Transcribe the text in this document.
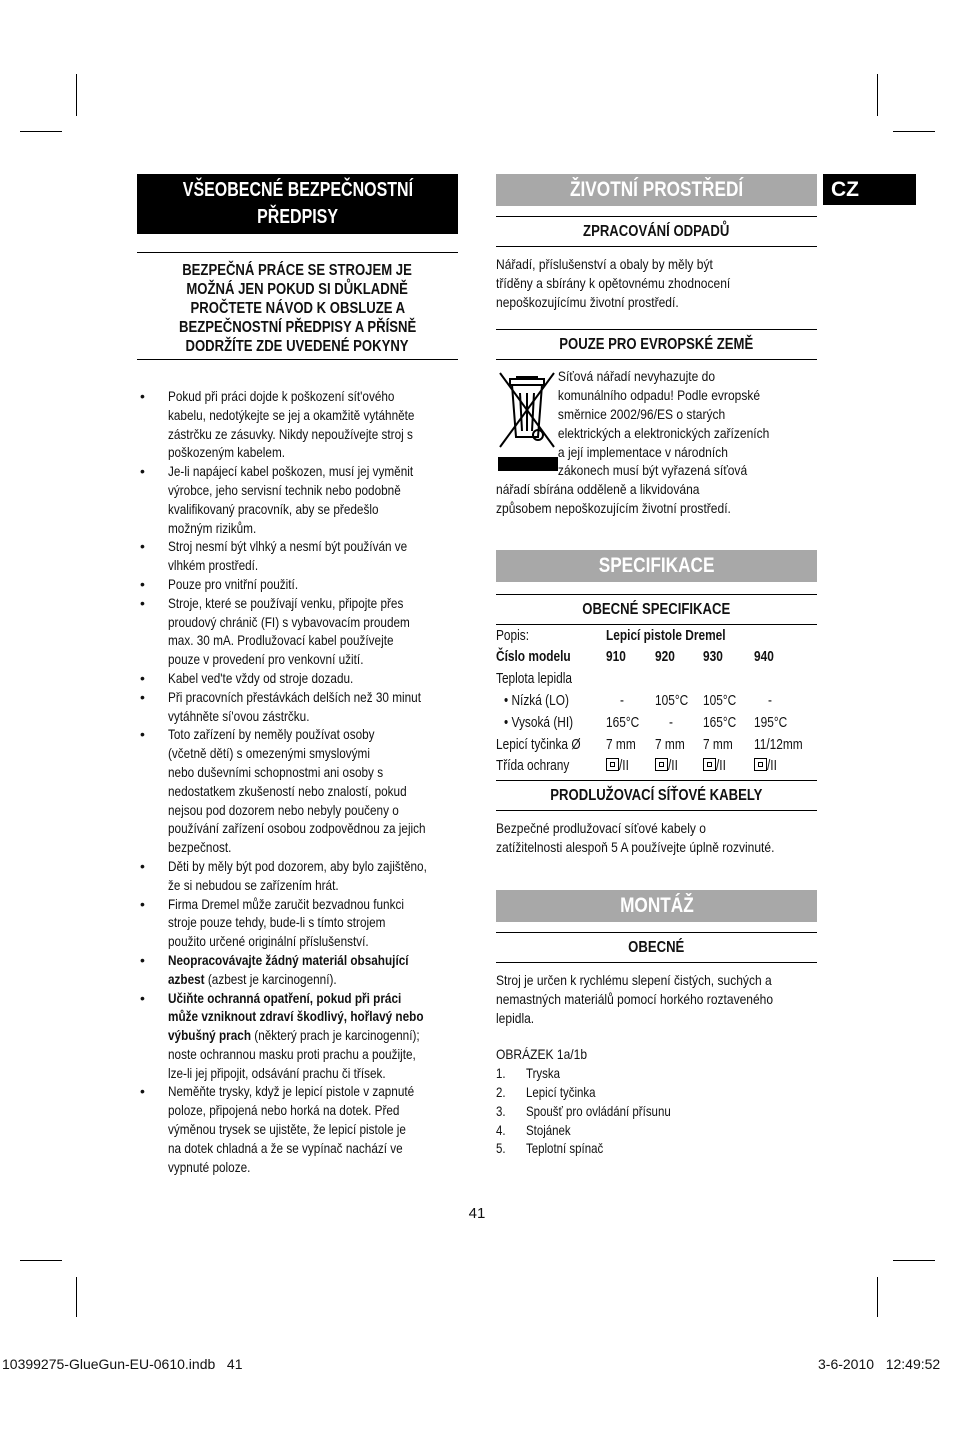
CZ
VŠEOBECNÉ BEZPEČNOSTNÍ
PŘEDPISY
BEZPEČNÁ PRÁCE SE STROJEM JE
MOŽNÁ JEN POKUD SI DŮKLADNĚ
PROČTETE NÁVOD K OBSLUZE A
BEZPEČNOSTNÍ PŘEDPISY A PŘÍSNĚ
DODRŽÍTE ZDE UVEDENÉ POKYNY
• Pokud při práci dojde k poškození sít'ového
kabelu, nedotýkejte se jej a okamžitě vytáhněte
zástrčku ze zásuvky. Nikdy nepoužívejte stroj s
poškozeným kabelem.
• Je-li napájecí kabel poškozen, musí jej vyměnit
výrobce, jeho servisní technik nebo podobně
kvalifikovaný pracovník, aby se předešlo
možným rizikům.
• Stroj nesmí být vlhký a nesmí být používán ve
vlhkém prostředí.
• Pouze pro vnitřní použití.
• Stroje, které se používají venku, připojte přes
proudový chránič (FI) s vybavovacím proudem
max. 30 mA. Prodlužovací kabel používejte
pouze v provedení pro venkovní užití.
• Kabel ved'te vždy od stroje dozadu.
• Při pracovních přestávkách delších než 30 minut
vytáhněte sí'ovou zástrčku.
• Toto zařízení by neměly používat osoby
(včetně dětí) s omezenými smyslovými
nebo duševními schopnostmi ani osoby s
nedostatkem zkušeností nebo znalostí, pokud
nejsou pod dozorem nebo nebyly poučeny o
používání zařízení osobou zodpovědnou za jejich
bezpečnost.
• Děti by měly být pod dozorem, aby bylo zajištěno,
že si nebudou se zařízením hrát.
• Firma Dremel může zaručit bezvadnou funkci
stroje pouze tehdy, bude-li s tímto strojem
použito určené originální příslušenství.
• Neopracovávajte žádný materiál obsahující
azbest (azbest je karcinogenní).
• Učiňte ochranná opatření, pokud při práci
může vzniknout zdraví škodlivý, hořlavý nebo
výbušný prach (některý prach je karcinogenní);
noste ochrannou masku proti prachu a použijte,
lze-li jej připojit, odsávání prachu či třísek.
• Neměňte trysky, když je lepicí pistole v zapnuté
poloze, připojená nebo horká na dotek. Před
výměnou trysek se ujistěte, že lepicí pistole je
na dotek chladná a že se vypínač nachází ve
vypnuté poloze.
ŽIVOTNÍ PROSTŘEDÍ
ZPRACOVÁNÍ ODPADŮ
Nářadí, příslušenství a obaly by měly být
tříděny a sbírány k opětovnému zhodnocení
nepoškozujícímu životní prostředí.
POUZE PRO EVROPSKÉ ZEMĚ
Síťová nářadí nevyhazujte do
komunálního odpadu! Podle evropské
směrnice 2002/96/ES o starých
elektrických a elektronických zařízeních
a její implementace v národních
zákonech musí být vyřazená síťová
nářadí sbírána odděleně a likvidována
způsobem nepoškozujícím životní prostředí.
SPECIFIKACE
OBECNÉ SPECIFIKACE
Popis:	Lepicí pistole Dremel			
Číslo modelu	910	920	930	940
Teplota lepidla				
• Nízká (LO)	-	105°C	105°C	-
• Vysoká (HI)	165°C	-	165°C	195°C
Lepicí tyčinka Ø	7 mm	7 mm	7 mm	11/12mm
Třída ochrany	/II	/II	/II	/II
PRODLUŽOVACÍ SÍŤOVÉ KABELY
Bezpečné prodlužovací síťové kabely o
zatížitelnosti alespoň 5 A používejte úplně rozvinuté.
MONTÁŽ
OBECNÉ
Stroj je určen k rychlému slepení čistých, suchých a
nemastných materiálů pomocí horkého roztaveného
lepidla.
OBRÁZEK 1a/1b
1. Tryska
2. Lepicí tyčinka
3. Spoušť pro ovládání přísunu
4. Stojánek
5. Teplotní spínač
41
10399275-GlueGun-EU-0610.indb   41	3-6-2010   12:49:52
